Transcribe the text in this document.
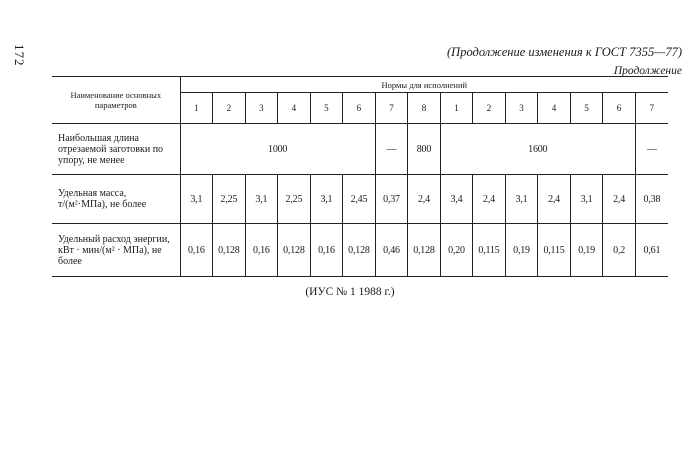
172	(Продолжение изменения к ГОСТ 7355—77)
Продолжение
Наименование основных параметров	Нормы для исполнений														
	1	2	3	4	5	6	7	8	1	2	3	4	5	6	7
Наибольшая длина отрезаемой заготовки по упору, не менее	1000						—	800	1600						—
Удельная масса, т/(м²·МПа), не более	3,1	2,25	3,1	2,25	3,1	2,45	0,37	2,4	3,4	2,4	3,1	2,4	3,1	2,4	0,38
Удельный расход энергии, кВт · мин/(м² · МПа), не более	0,16	0,128	0,16	0,128	0,16	0,128	0,46	0,128	0,20	0,115	0,19	0,115	0,19	0,2	0,61
(ИУС № 1 1988 г.)
